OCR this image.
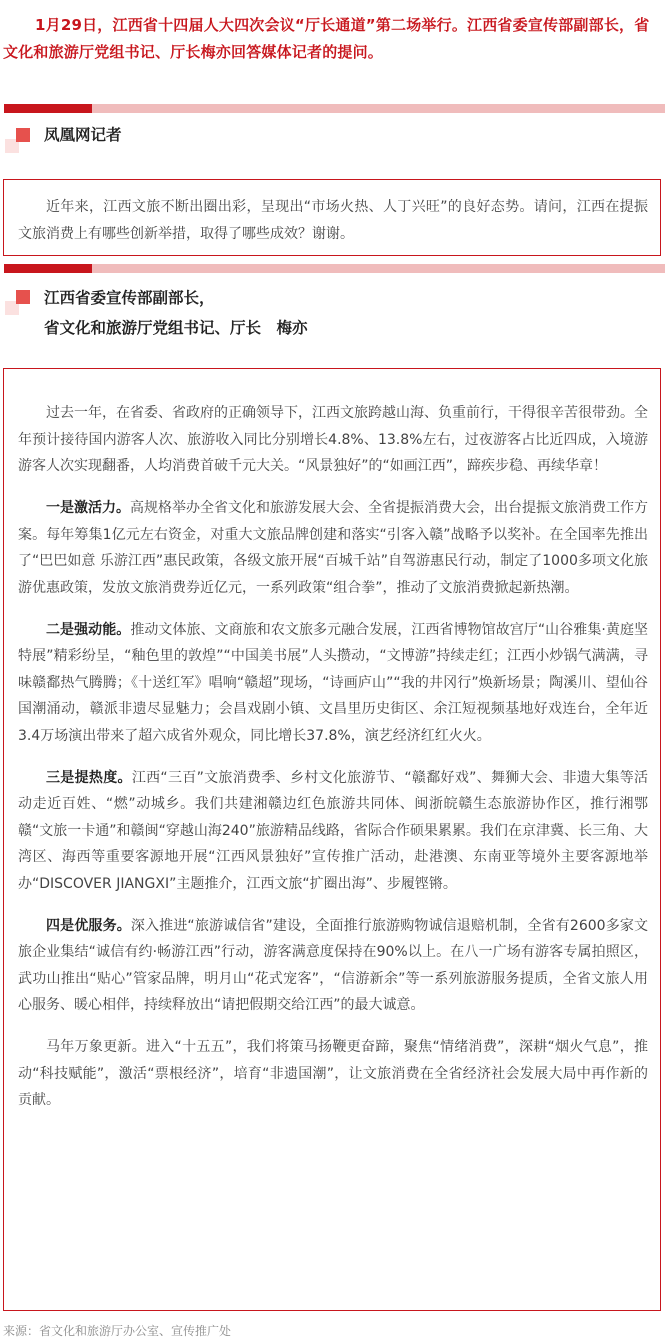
1月29日，江西省十四届人大四次会议“厅长通道”第二场举行。江西省委宣传部副部长，省文化和旅游厅党组书记、厅长梅亦回答媒体记者的提问。
凤凰网记者

近年来，江西文旅不断出圈出彩，呈现出“市场火热、人丁兴旺”的良好态势。请问，江西在提振文旅消费上有哪些创新举措，取得了哪些成效？谢谢。

江西省委宣传部副部长，
省文化和旅游厅党组书记、厅长　梅亦

过去一年，在省委、省政府的正确领导下，江西文旅跨越山海、负重前行，干得很辛苦很带劲。全年预计接待国内游客人次、旅游收入同比分别增长4.8%、13.8%左右，过夜游客占比近四成，入境游游客人次实现翻番，人均消费首破千元大关。“风景独好”的“如画江西”，蹄疾步稳、再续华章！

一是激活力。高规格举办全省文化和旅游发展大会、全省提振消费大会，出台提振文旅消费工作方案。每年筹集1亿元左右资金，对重大文旅品牌创建和落实“引客入赣”战略予以奖补。在全国率先推出了“巴巴如意 乐游江西”惠民政策，各级文旅开展“百城千站”自驾游惠民行动，制定了1000多项文化旅游优惠政策，发放文旅消费券近亿元，一系列政策“组合拳”，推动了文旅消费掀起新热潮。

二是强动能。推动文体旅、文商旅和农文旅多元融合发展，江西省博物馆故宫厅“山谷雅集·黄庭坚特展”精彩纷呈，“釉色里的敦煌”“中国美书展”人头攒动，“文博游”持续走红；江西小炒锅气满满，寻味赣鄱热气腾腾；《十送红军》唱响“赣超”现场，“诗画庐山”“我的井冈行”焕新场景；陶溪川、望仙谷国潮涌动，赣派非遗尽显魅力；会昌戏剧小镇、文昌里历史街区、余江短视频基地好戏连台，全年近3.4万场演出带来了超六成省外观众，同比增长37.8%，演艺经济红红火火。

三是提热度。江西“三百”文旅消费季、乡村文化旅游节、“赣鄱好戏”、舞狮大会、非遗大集等活动走近百姓、“燃”动城乡。我们共建湘赣边红色旅游共同体、闽浙皖赣生态旅游协作区，推行湘鄂赣“文旅一卡通”和赣闽“穿越山海240”旅游精品线路，省际合作硕果累累。我们在京津冀、长三角、大湾区、海西等重要客源地开展“江西风景独好”宣传推广活动，赴港澳、东南亚等境外主要客源地举办“DISCOVER JIANGXI”主题推介，江西文旅“扩圈出海”、步履铿锵。

四是优服务。深入推进“旅游诚信省”建设，全面推行旅游购物诚信退赔机制，全省有2600多家文旅企业集结“诚信有约·畅游江西”行动，游客满意度保持在90%以上。在八一广场有游客专属拍照区，武功山推出“贴心”管家品牌，明月山“花式宠客”，“信游新余”等一系列旅游服务提质，全省文旅人用心服务、暖心相伴，持续释放出“请把假期交给江西”的最大诚意。

马年万象更新。进入“十五五”，我们将策马扬鞭更奋蹄，聚焦“情绪消费”，深耕“烟火气息”，推动“科技赋能”，激活“票根经济”，培育“非遗国潮”，让文旅消费在全省经济社会发展大局中再作新的贡献。

来源：省文化和旅游厅办公室、宣传推广处
